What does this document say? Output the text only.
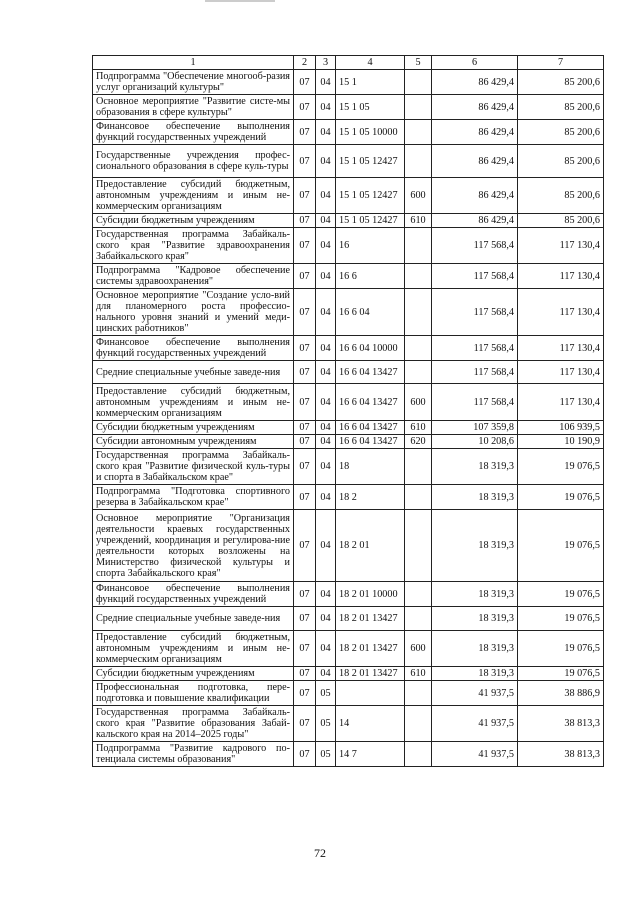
1	2	3	4	5	6	7
Подпрограмма "Обеспечение многооб-разия услуг организаций культуры"	07	04	15 1		86 429,4	85 200,6
Основное мероприятие "Развитие систе-мы образования в сфере культуры"	07	04	15 1 05		86 429,4	85 200,6
Финансовое обеспечение выполнения функций государственных учреждений	07	04	15 1 05 10000		86 429,4	85 200,6
Государственные учреждения профес-сионального образования в сфере куль-туры	07	04	15 1 05 12427		86 429,4	85 200,6
Предоставление субсидий бюджетным, автономным учреждениям и иным не-коммерческим организациям	07	04	15 1 05 12427	600	86 429,4	85 200,6
Субсидии бюджетным учреждениям	07	04	15 1 05 12427	610	86 429,4	85 200,6
Государственная программа Забайкаль-ского края "Развитие здравоохранения Забайкальского края"	07	04	16		117 568,4	117 130,4
Подпрограмма "Кадровое обеспечение системы здравоохранения"	07	04	16 6		117 568,4	117 130,4
Основное мероприятие "Создание усло-вий для планомерного роста профессио-нального уровня знаний и умений меди-цинских работников"	07	04	16 6 04		117 568,4	117 130,4
Финансовое обеспечение выполнения функций государственных учреждений	07	04	16 6 04 10000		117 568,4	117 130,4
Средние специальные учебные заведе-ния	07	04	16 6 04 13427		117 568,4	117 130,4
Предоставление субсидий бюджетным, автономным учреждениям и иным не-коммерческим организациям	07	04	16 6 04 13427	600	117 568,4	117 130,4
Субсидии бюджетным учреждениям	07	04	16 6 04 13427	610	107 359,8	106 939,5
Субсидии автономным учреждениям	07	04	16 6 04 13427	620	10 208,6	10 190,9
Государственная программа Забайкаль-ского края "Развитие физической куль-туры и спорта в Забайкальском крае"	07	04	18		18 319,3	19 076,5
Подпрограмма "Подготовка спортивного резерва в Забайкальском крае"	07	04	18 2		18 319,3	19 076,5
Основное мероприятие "Организация деятельности краевых государственных учреждений, координация и регулирова-ние деятельности которых возложены на Министерство физической культуры и спорта Забайкальского края"	07	04	18 2 01		18 319,3	19 076,5
Финансовое обеспечение выполнения функций государственных учреждений	07	04	18 2 01 10000		18 319,3	19 076,5
Средние специальные учебные заведе-ния	07	04	18 2 01 13427		18 319,3	19 076,5
Предоставление субсидий бюджетным, автономным учреждениям и иным не-коммерческим организациям	07	04	18 2 01 13427	600	18 319,3	19 076,5
Субсидии бюджетным учреждениям	07	04	18 2 01 13427	610	18 319,3	19 076,5
Профессиональная подготовка, пере-подготовка и повышение квалификации	07	05			41 937,5	38 886,9
Государственная программа Забайкаль-ского края "Развитие образования Забай-кальского края на 2014–2025 годы"	07	05	14		41 937,5	38 813,3
Подпрограмма "Развитие кадрового по-тенциала системы образования"	07	05	14 7		41 937,5	38 813,3
72
